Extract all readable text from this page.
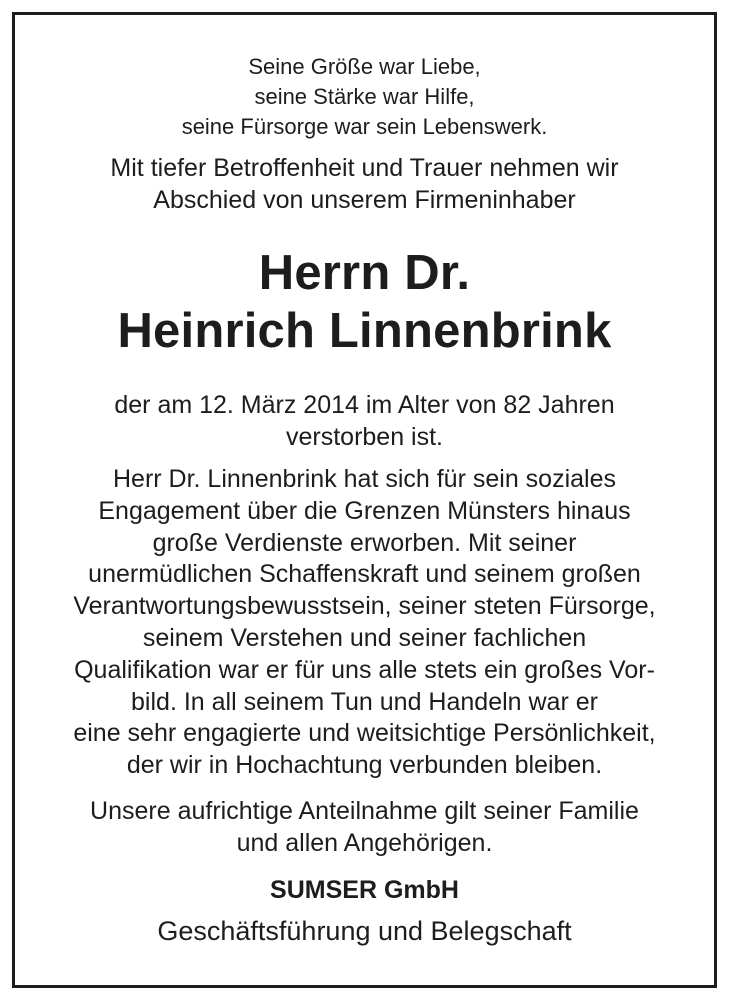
Seine Größe war Liebe,
seine Stärke war Hilfe,
seine Fürsorge war sein Lebenswerk.
Mit tiefer Betroffenheit und Trauer nehmen wir
Abschied von unserem Firmeninhaber
Herrn Dr.
Heinrich Linnenbrink
der am 12. März 2014 im Alter von 82 Jahren
verstorben ist.
Herr Dr. Linnenbrink hat sich für sein soziales
Engagement über die Grenzen Münsters hinaus
große Verdienste erworben. Mit seiner
unermüdlichen Schaffenskraft und seinem großen
Verantwortungsbewusstsein, seiner steten Fürsorge,
seinem Verstehen und seiner fachlichen
Qualifikation war er für uns alle stets ein großes Vor-
bild. In all seinem Tun und Handeln war er
eine sehr engagierte und weitsichtige Persönlichkeit,
der wir in Hochachtung verbunden bleiben.
Unsere aufrichtige Anteilnahme gilt seiner Familie
und allen Angehörigen.
SUMSER GmbH
Geschäftsführung und Belegschaft
